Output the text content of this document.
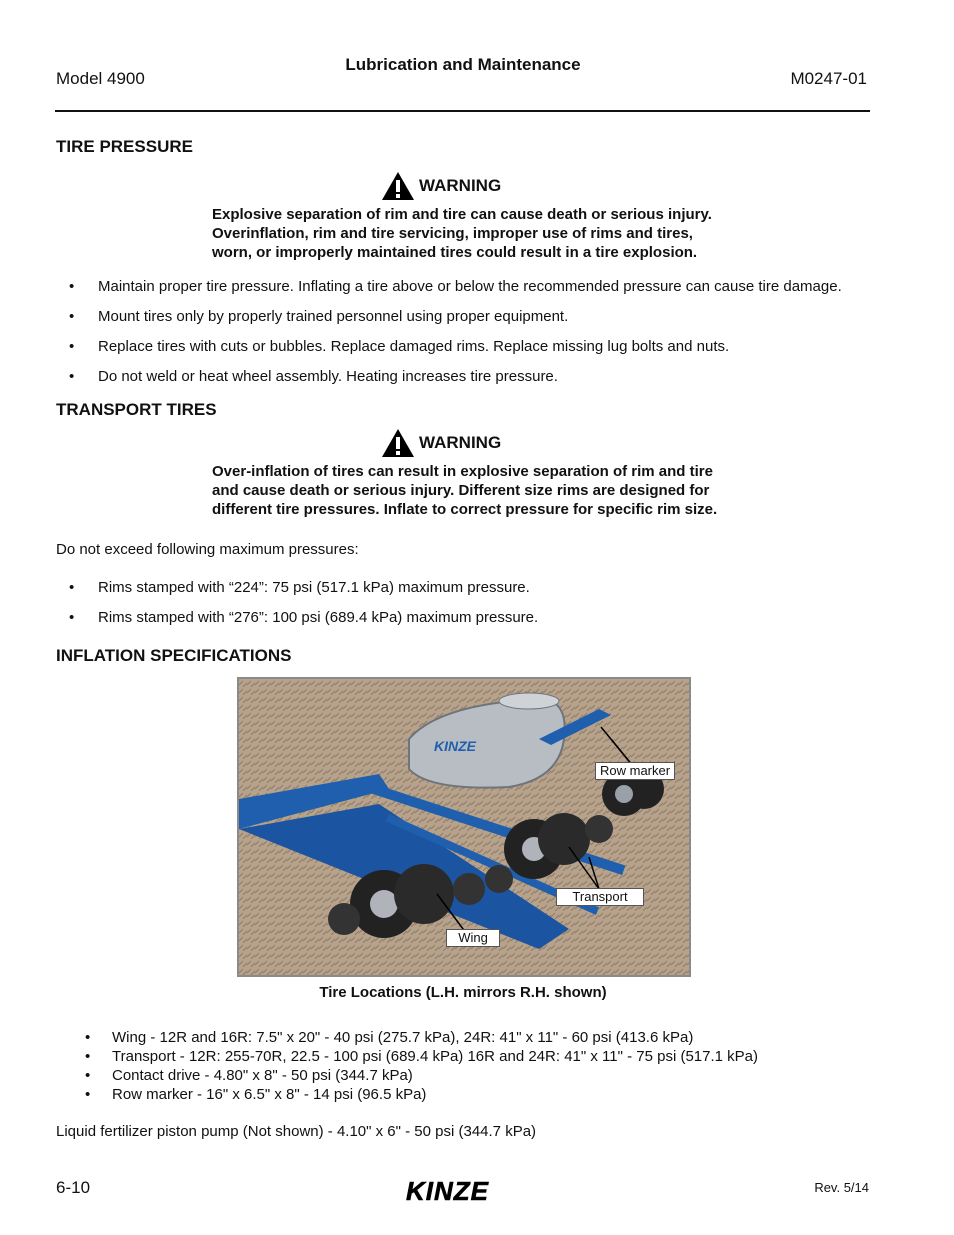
Model 4900
Lubrication and Maintenance
M0247-01
TIRE PRESSURE
WARNING
Explosive separation of rim and tire can cause death or serious injury.
Overinflation, rim and tire servicing, improper use of rims and tires,
worn, or improperly maintained tires could result in a tire explosion.
• Maintain proper tire pressure. Inflating a tire above or below the recommended pressure can cause tire damage.
• Mount tires only by properly trained personnel using proper equipment.
• Replace tires with cuts or bubbles. Replace damaged rims. Replace missing lug bolts and nuts.
• Do not weld or heat wheel assembly. Heating increases tire pressure.
TRANSPORT TIRES
WARNING
Over-inflation of tires can result in explosive separation of rim and tire
and cause death or serious injury. Different size rims are designed for
different tire pressures. Inflate to correct pressure for specific rim size.
Do not exceed following maximum pressures:
• Rims stamped with “224”: 75 psi (517.1 kPa) maximum pressure.
• Rims stamped with “276”: 100 psi (689.4 kPa) maximum pressure.
INFLATION SPECIFICATIONS
KINZE
Row marker
Transport
Wing
Tire Locations (L.H. mirrors R.H. shown)
• Wing - 12R and 16R: 7.5" x 20" - 40 psi (275.7 kPa), 24R: 41" x 11" - 60 psi (413.6 kPa)
• Transport - 12R: 255-70R, 22.5 - 100 psi (689.4 kPa) 16R and 24R: 41" x 11" - 75 psi (517.1 kPa)
• Contact drive - 4.80" x 8" - 50 psi (344.7 kPa)
• Row marker - 16" x 6.5" x 8" - 14 psi (96.5 kPa)
Liquid fertilizer piston pump (Not shown) - 4.10" x 6" - 50 psi (344.7 kPa)
6-10	KINZE	Rev. 5/14
